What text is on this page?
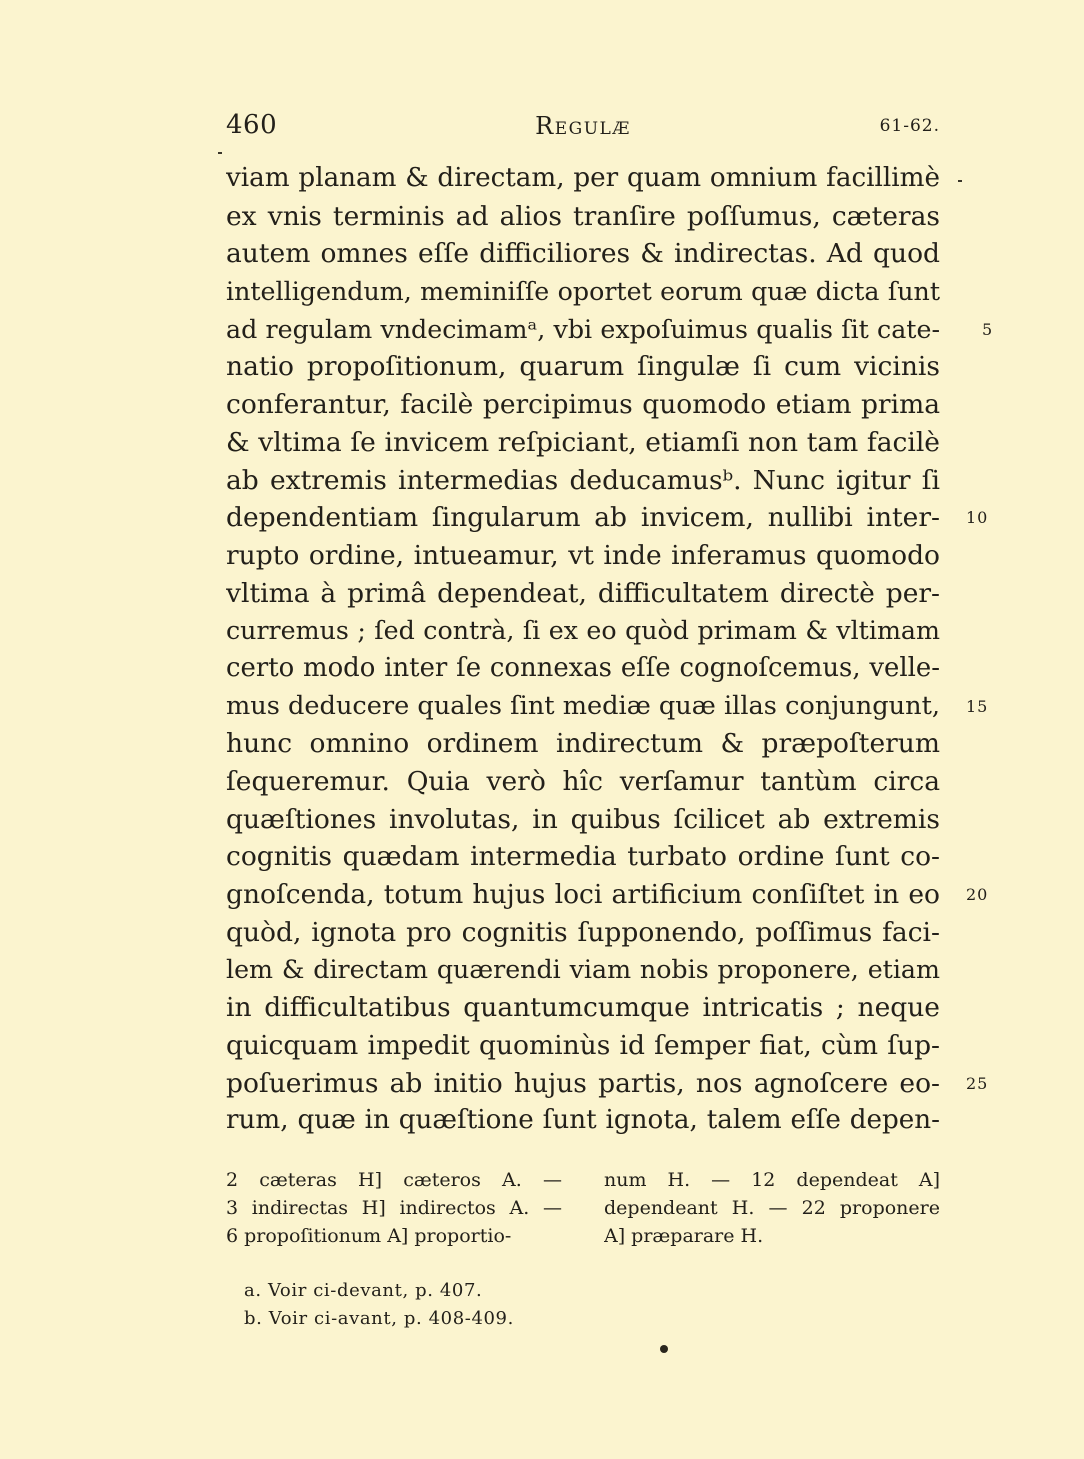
460	Regulæ	61-62.
viam planam & directam, per quam omnium facillimè
ex vnis terminis ad alios tranſire poſſumus, cæteras
autem omnes eſſe difficiliores & indirectas. Ad quod
intelligendum, meminiſſe oportet eorum quæ dicta ſunt
ad regulam vndecimamᵃ, vbi expoſuimus qualis ſit cate-
natio propoſitionum, quarum ſingulæ ſi cum vicinis
conferantur, facilè percipimus quomodo etiam prima
& vltima ſe invicem reſpiciant, etiamſi non tam facilè
ab extremis intermedias deducamusᵇ. Nunc igitur ſi
dependentiam ſingularum ab invicem, nullibi inter-
rupto ordine, intueamur, vt inde inferamus quomodo
vltima à primâ dependeat, difficultatem directè per-
curremus ; ſed contrà, ſi ex eo quòd primam & vltimam
certo modo inter ſe connexas eſſe cognoſcemus, velle-
mus deducere quales ſint mediæ quæ illas conjungunt,
hunc omnino ordinem indirectum & præpoſterum
ſequeremur. Quia verò hîc verſamur tantùm circa
quæſtiones involutas, in quibus ſcilicet ab extremis
cognitis quædam intermedia turbato ordine ſunt co-
gnoſcenda, totum hujus loci artificium conſiſtet in eo
quòd, ignota pro cognitis ſupponendo, poſſimus faci-
lem & directam quærendi viam nobis proponere, etiam
in difficultatibus quantumcumque intricatis ; neque
quicquam impedit quominùs id ſemper fiat, cùm ſup-
poſuerimus ab initio hujus partis, nos agnoſcere eo-
rum, quæ in quæſtione ſunt ignota, talem eſſe depen-
5
10
15
20
25
2 cæteras H] cæteros A. —
3 indirectas H] indirectos A. —
6 propoſitionum A] proportio-
num H. — 12 dependeat A]
dependeant H. — 22 proponere
A] præparare H.
a. Voir ci-devant, p. 407.
b. Voir ci-avant, p. 408-409.
